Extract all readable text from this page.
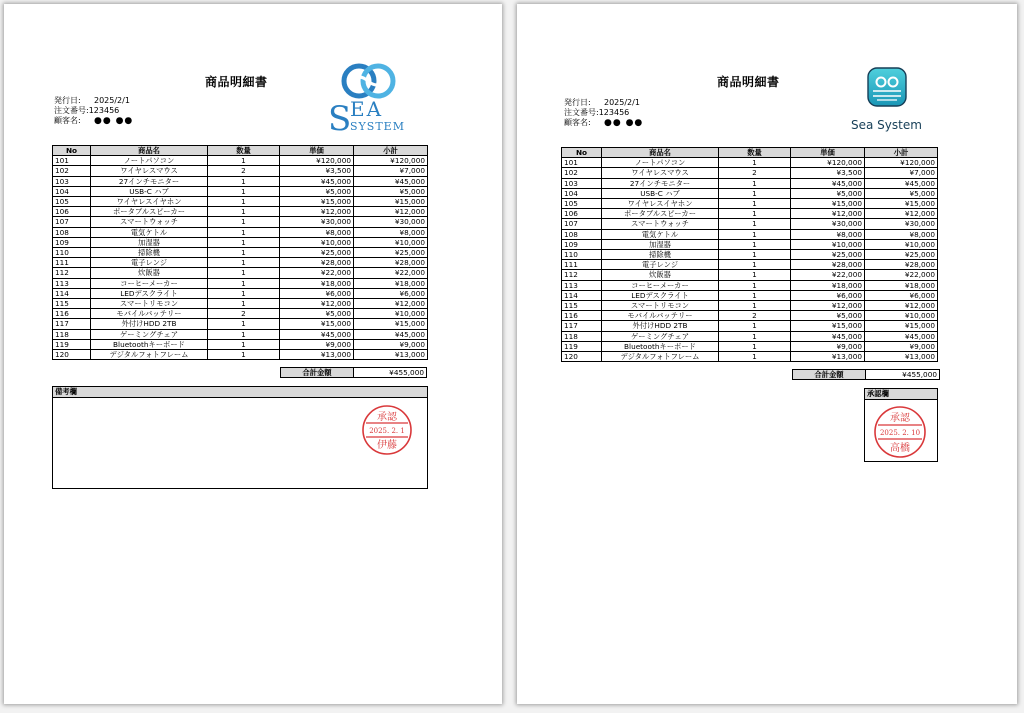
商品明細書
発行日:	2025/2/1
注文番号: 123456
顧客名:	●● ●●	S
EA
SYSTEM
No	商品名	数量	単価	小計
101	ノートパソコン	1	¥120,000	¥120,000
102	ワイヤレスマウス	2	¥3,500	¥7,000
103	27インチモニター	1	¥45,000	¥45,000
104	USB-C ハブ	1	¥5,000	¥5,000
105	ワイヤレスイヤホン	1	¥15,000	¥15,000
106	ポータブルスピーカー	1	¥12,000	¥12,000
107	スマートウォッチ	1	¥30,000	¥30,000
108	電気ケトル	1	¥8,000	¥8,000
109	加湿器	1	¥10,000	¥10,000
110	掃除機	1	¥25,000	¥25,000
111	電子レンジ	1	¥28,000	¥28,000
112	炊飯器	1	¥22,000	¥22,000
113	コーヒーメーカー	1	¥18,000	¥18,000
114	LEDデスクライト	1	¥6,000	¥6,000
115	スマートリモコン	1	¥12,000	¥12,000
116	モバイルバッテリー	2	¥5,000	¥10,000
117	外付けHDD 2TB	1	¥15,000	¥15,000
118	ゲーミングチェア	1	¥45,000	¥45,000
119	Bluetoothキーボード	1	¥9,000	¥9,000
120	デジタルフォトフレーム	1	¥13,000	¥13,000
合計金額	¥455,000
備考欄
承認
2025. 2. 1
伊藤
商品明細書
発行日:	2025/2/1
注文番号: 123456
顧客名:	●● ●●	Sea System
No	商品名	数量	単価	小計
101	ノートパソコン	1	¥120,000	¥120,000
102	ワイヤレスマウス	2	¥3,500	¥7,000
103	27インチモニター	1	¥45,000	¥45,000
104	USB-C ハブ	1	¥5,000	¥5,000
105	ワイヤレスイヤホン	1	¥15,000	¥15,000
106	ポータブルスピーカー	1	¥12,000	¥12,000
107	スマートウォッチ	1	¥30,000	¥30,000
108	電気ケトル	1	¥8,000	¥8,000
109	加湿器	1	¥10,000	¥10,000
110	掃除機	1	¥25,000	¥25,000
111	電子レンジ	1	¥28,000	¥28,000
112	炊飯器	1	¥22,000	¥22,000
113	コーヒーメーカー	1	¥18,000	¥18,000
114	LEDデスクライト	1	¥6,000	¥6,000
115	スマートリモコン	1	¥12,000	¥12,000
116	モバイルバッテリー	2	¥5,000	¥10,000
117	外付けHDD 2TB	1	¥15,000	¥15,000
118	ゲーミングチェア	1	¥45,000	¥45,000
119	Bluetoothキーボード	1	¥9,000	¥9,000
120	デジタルフォトフレーム	1	¥13,000	¥13,000
合計金額	¥455,000
承認欄
承認
2025. 2. 10
高橋
